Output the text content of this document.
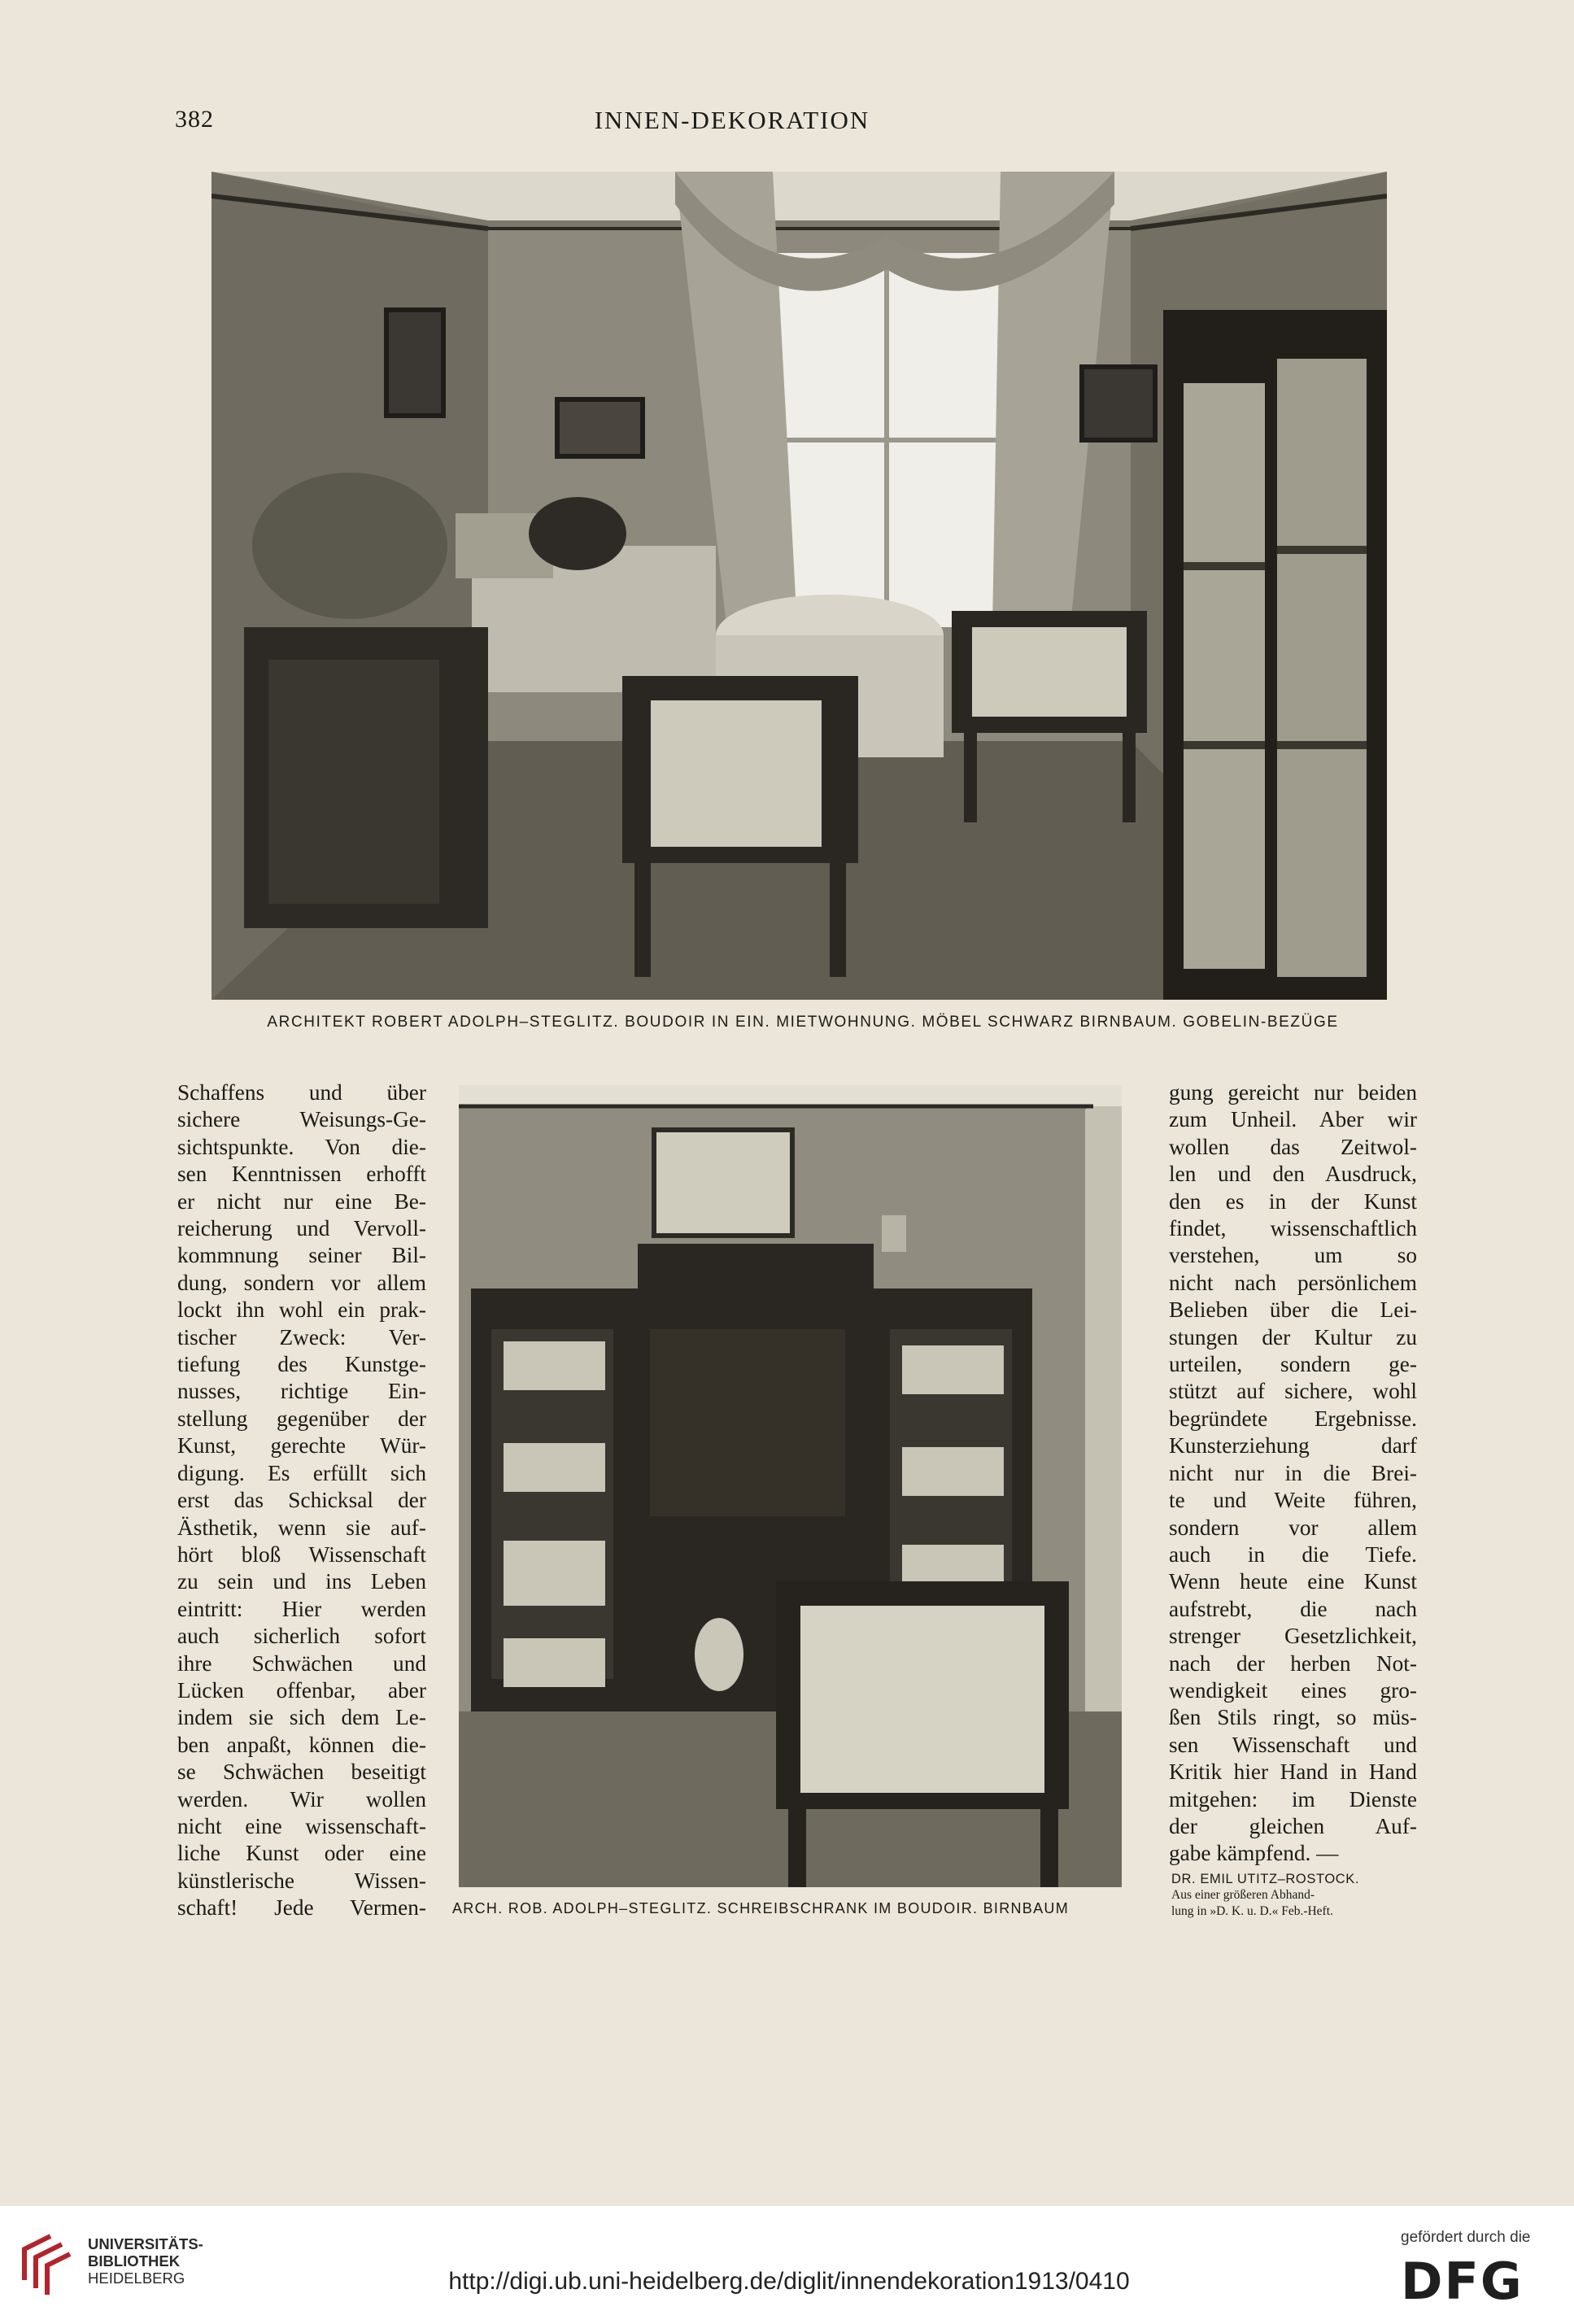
382	INNEN-DEKORATION
ARCHITEKT ROBERT ADOLPH–STEGLITZ. BOUDOIR IN EIN. MIETWOHNUNG. MÖBEL SCHWARZ BIRNBAUM. GOBELIN-BEZÜGE
ARCH. ROB. ADOLPH–STEGLITZ. SCHREIBSCHRANK IM BOUDOIR. BIRNBAUM

Schaffens und über

sichere Weisungs-Ge-

sichtspunkte. Von die-

sen Kenntnissen erhofft

er nicht nur eine Be-

reicherung und Vervoll-

kommnung seiner Bil-

dung, sondern vor allem

lockt ihn wohl ein prak-

tischer Zweck: Ver-

tiefung des Kunstge-

nusses, richtige Ein-

stellung gegenüber der

Kunst, gerechte Wür-

digung. Es erfüllt sich

erst das Schicksal der

Ästhetik, wenn sie auf-

hört bloß Wissenschaft

zu sein und ins Leben

eintritt: Hier werden

auch sicherlich sofort

ihre Schwächen und

Lücken offenbar, aber

indem sie sich dem Le-

ben anpaßt, können die-

se Schwächen beseitigt

werden. Wir wollen

nicht eine wissenschaft-

liche Kunst oder eine

künstlerische Wissen-

schaft! Jede Vermen-

gung gereicht nur beiden

zum Unheil. Aber wir

wollen das Zeitwol-

len und den Ausdruck,

den es in der Kunst

findet, wissenschaftlich

verstehen, um so

nicht nach persönlichem

Belieben über die Lei-

stungen der Kultur zu

urteilen, sondern ge-

stützt auf sichere, wohl

begründete Ergebnisse.

Kunsterziehung darf

nicht nur in die Brei-

te und Weite führen,

sondern vor allem

auch in die Tiefe.

Wenn heute eine Kunst

aufstrebt, die nach

strenger Gesetzlichkeit,

nach der herben Not-

wendigkeit eines gro-

ßen Stils ringt, so müs-

sen Wissenschaft und

Kritik hier Hand in Hand

mitgehen: im Dienste

der gleichen Auf-

gabe kämpfend. —

DR. EMIL UTITZ–ROSTOCK.
Aus einer größeren Abhand-
lung in »D. K. u. D.« Feb.-Heft.
UNIVERSITÄTS-
BIBLIOTHEK
HEIDELBERG	http://digi.ub.uni-heidelberg.de/diglit/innendekoration1913/0410
gefördert durch die
DFG
